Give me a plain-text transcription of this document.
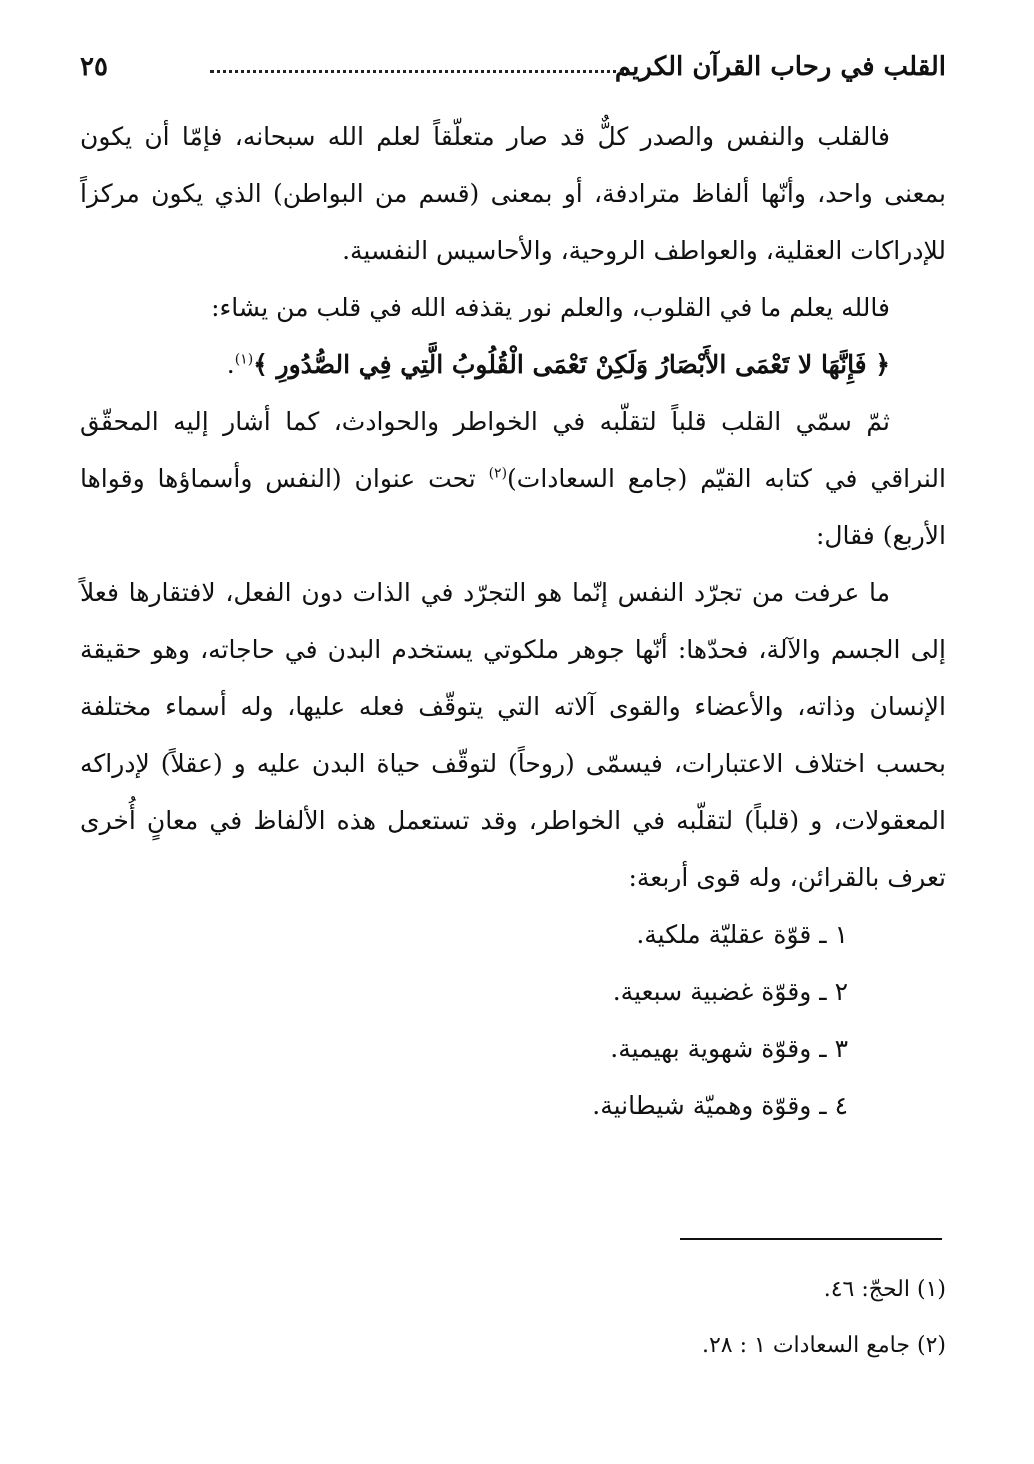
القلب في رحاب القرآن الكريم
٢٥

فالقلب والنفس والصدر كلٌّ قد صار متعلّقاً لعلم الله سبحانه، فإمّا أن يكون بمعنى واحد، وأنّها ألفاظ مترادفة، أو بمعنى (قسم من البواطن) الذي يكون مركزاً للإدراكات العقلية، والعواطف الروحية، والأحاسيس النفسية.

فالله يعلم ما في القلوب، والعلم نور يقذفه الله في قلب من يشاء:

﴿ فَإِنَّهَا لا تَعْمَى الأَبْصَارُ وَلَكِنْ تَعْمَى الْقُلُوبُ الَّتِي فِي الصُّدُورِ ﴾$^{(١)}$.

ثمّ سمّي القلب قلباً لتقلّبه في الخواطر والحوادث، كما أشار إليه المحقّق النراقي في كتابه القيّم (جامع السعادات)$^{(٢)}$ تحت عنوان (النفس وأسماؤها وقواها الأربع) فقال:

ما عرفت من تجرّد النفس إنّما هو التجرّد في الذات دون الفعل، لافتقارها فعلاً إلى الجسم والآلة، فحدّها: أنّها جوهر ملكوتي يستخدم البدن في حاجاته، وهو حقيقة الإنسان وذاته، والأعضاء والقوى آلاته التي يتوقّف فعله عليها، وله أسماء مختلفة بحسب اختلاف الاعتبارات، فيسمّى (روحاً) لتوقّف حياة البدن عليه و (عقلاً) لإدراكه المعقولات، و (قلباً) لتقلّبه في الخواطر، وقد تستعمل هذه الألفاظ في معانٍ أُخرى تعرف بالقرائن، وله قوى أربعة:

١ ـ قوّة عقليّة ملكية.
٢ ـ وقوّة غضبية سبعية.
٣ ـ وقوّة شهوية بهيمية.
٤ ـ وقوّة وهميّة شيطانية.

(١) الحجّ: ٤٦.

(٢) جامع السعادات ١ : ٢٨.
